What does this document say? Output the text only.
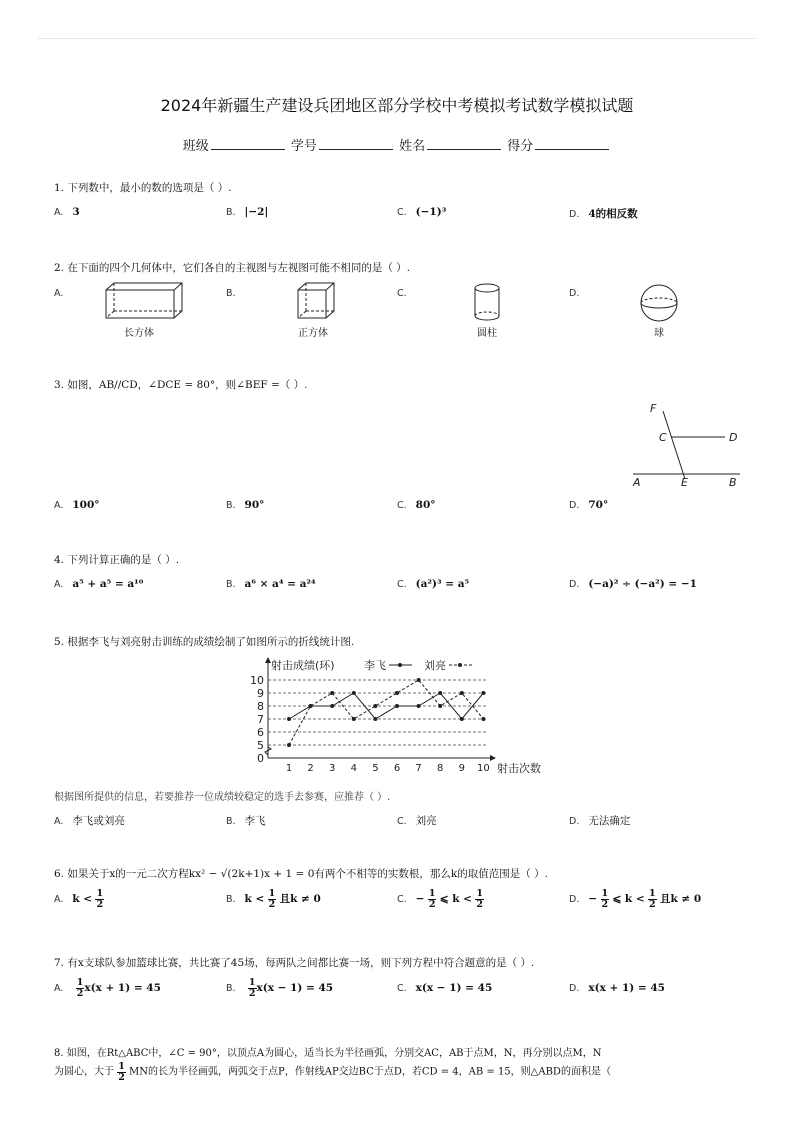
2024年新疆生产建设兵团地区部分学校中考模拟考试数学模拟试题
班级	学号	姓名	得分
1. 下列数中，最小的数的选项是（ ）.
A. 3	B. |−2|	C. (−1)³	D. 4的相反数
2. 在下面的四个几何体中，它们各自的主视图与左视图可能不相同的是（ ）.
A.	B.	C.	D.
长方体	正方体	圆柱	球
3. 如图，AB//CD，∠DCE = 80°，则∠BEF =（ ）.
F
C	D
A	E	B
A. 100°	B. 90°	C. 80°	D. 70°
4. 下列计算正确的是（ ）.
A. a⁵ + a⁵ = a¹⁰	B. a⁶ × a⁴ = a²⁴	C. (a²)³ = a⁵	D. (−a)² ÷ (−a²) = −1
5. 根据李飞与刘亮射击训练的成绩绘制了如图所示的折线统计图.
0
5
6
7
8
9
10
1 2 3 4 5 6 7 8 9 10
射击成绩(环)
射击次数
李飞	刘亮
根据图所提供的信息，若要推荐一位成绩较稳定的选手去参赛，应推荐（ ）.
A. 李飞或刘亮	B. 李飞	C. 刘亮	D. 无法确定
6. 如果关于x的一元二次方程kx² − √(2k+1)x + 1 = 0有两个不相等的实数根，那么k的取值范围是（ ）.
A. $k < \frac{1}{2}$	B. $k < \frac{1}{2}$ 且k ≠ 0	C. − $\frac{1}{2}$ ⩽ $k < \frac{1}{2}$	D. − $\frac{1}{2}$ ⩽ $k < \frac{1}{2}$ 且k ≠ 0
7. 有x支球队参加篮球比赛，共比赛了45场，每两队之间都比赛一场，则下列方程中符合题意的是（ ）.
A. $\frac{1}{2} x(x + 1) = 45$	B. $\frac{1}{2} x(x - 1) = 45$	C. x(x − 1) = 45	D. x(x + 1) = 45
8. 如图，在Rt△ABC中，∠C = 90°，以顶点A为圆心，适当长为半径画弧，分别交AC，AB于点M，N，再分别以点M，N
为圆心，大于 $\frac{1}{2}$ MN的长为半径画弧，两弧交于点P，作射线AP交边BC于点D，若CD = 4，AB = 15，则△ABD的面积是（
